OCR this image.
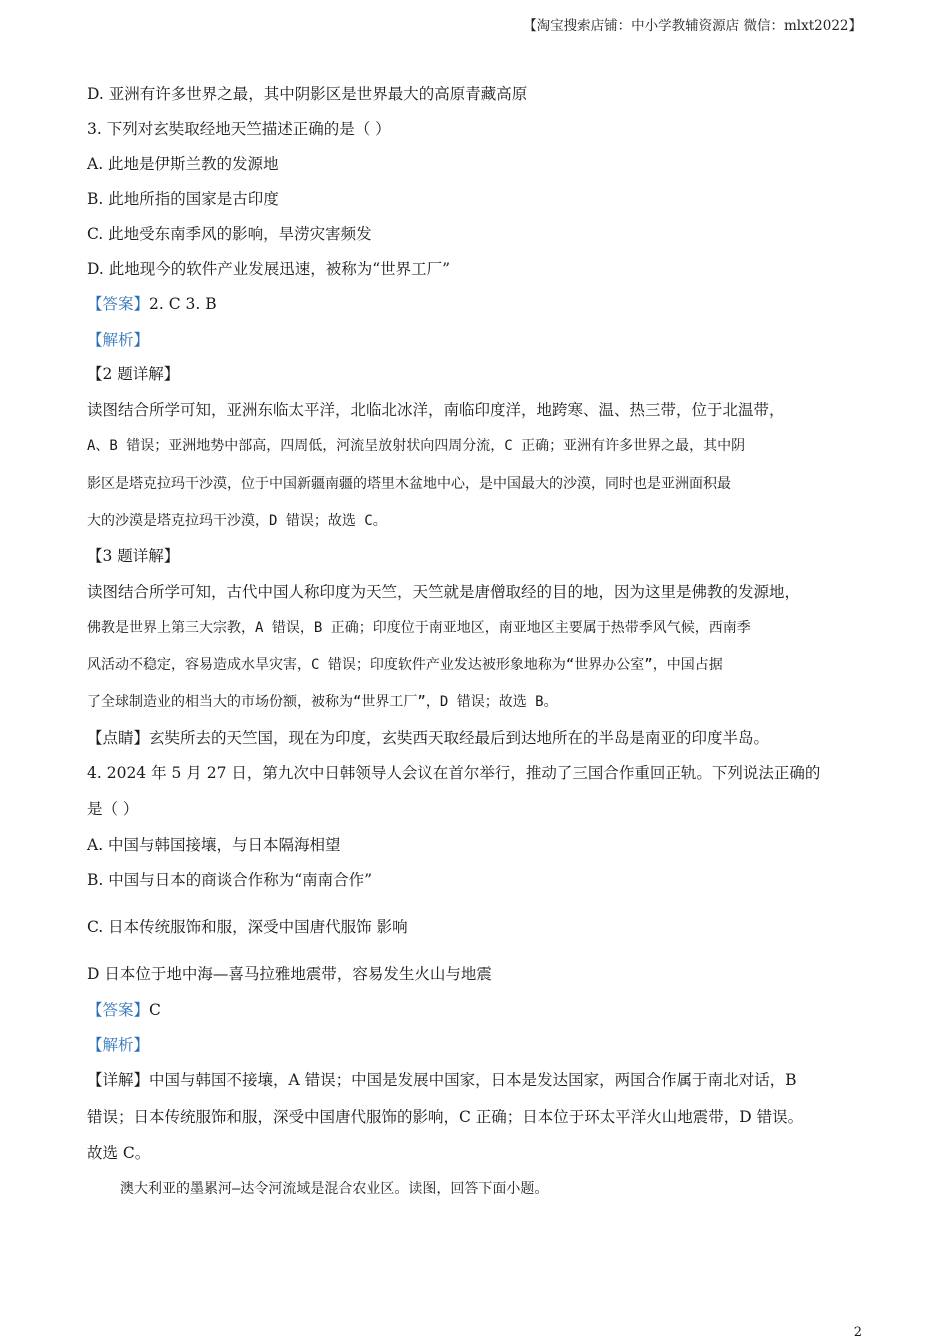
【淘宝搜索店铺：中小学教辅资源店 微信：mlxt2022】
D. 亚洲有许多世界之最，其中阴影区是世界最大的高原青藏高原
3. 下列对玄奘取经地天竺描述正确的是（ ）
A. 此地是伊斯兰教的发源地
B. 此地所指的国家是古印度
C. 此地受东南季风的影响，旱涝灾害频发
D. 此地现今的软件产业发展迅速，被称为“世界工厂”
【答案】2. C 3. B
【解析】
【2 题详解】
读图结合所学可知，亚洲东临太平洋，北临北冰洋，南临印度洋，地跨寒、温、热三带，位于北温带，
A、B 错误；亚洲地势中部高，四周低，河流呈放射状向四周分流，C 正确；亚洲有许多世界之最，其中阴
影区是塔克拉玛干沙漠，位于中国新疆南疆的塔里木盆地中心，是中国最大的沙漠，同时也是亚洲面积最
大的沙漠是塔克拉玛干沙漠，D 错误；故选 C。
【3 题详解】
读图结合所学可知，古代中国人称印度为天竺，天竺就是唐僧取经的目的地，因为这里是佛教的发源地，
佛教是世界上第三大宗教，A 错误，B 正确；印度位于南亚地区，南亚地区主要属于热带季风气候，西南季
风活动不稳定，容易造成水旱灾害，C 错误；印度软件产业发达被形象地称为“世界办公室”，中国占据
了全球制造业的相当大的市场份额，被称为“世界工厂”，D 错误；故选 B。
【点睛】玄奘所去的天竺国，现在为印度，玄奘西天取经最后到达地所在的半岛是南亚的印度半岛。
4. 2024 年 5 月 27 日，第九次中日韩领导人会议在首尔举行，推动了三国合作重回正轨。下列说法正确的
是（ ）
A. 中国与韩国接壤，与日本隔海相望
B. 中国与日本的商谈合作称为“南南合作”
C. 日本传统服饰和服，深受中国唐代服饰 影响
D 日本位于地中海—喜马拉雅地震带，容易发生火山与地震
【答案】C
【解析】
【详解】中国与韩国不接壤，A 错误；中国是发展中国家，日本是发达国家，两国合作属于南北对话，B
错误；日本传统服饰和服，深受中国唐代服饰的影响，C 正确；日本位于环太平洋火山地震带，D 错误。
故选 C。
澳大利亚的墨累河—达令河流域是混合农业区。读图，回答下面小题。
2
